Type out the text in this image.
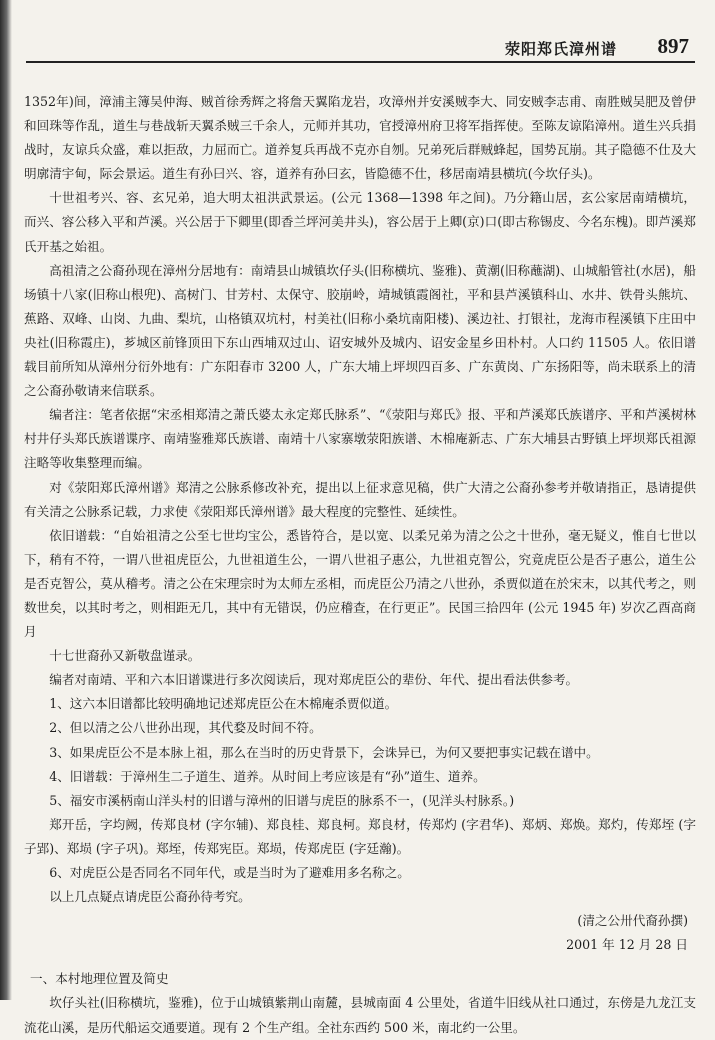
荥阳郑氏漳州谱 897

1352年)间，漳浦主簿吴仲海、贼首徐秀辉之将詹天翼陷龙岩，攻漳州并安溪贼李大、同安贼李志甫、南胜贼吴肥及曾伊和回珠等作乱，道生与巷战斩天翼杀贼三千余人，元师并其功，官授漳州府卫将军指挥使。至陈友谅陷漳州。道生兴兵捐战时，友谅兵众盛，难以拒敌，力屈而亡。道养复兵再战不克亦自刎。兄弟死后群贼蜂起，国势瓦崩。其子隐德不仕及大明廓清宇甸，际会景运。道生有孙曰兴、容，道养有孙曰玄，皆隐德不仕，移居南靖县横坑(今坎仔头)。

十世祖考兴、容、玄兄弟，追大明太祖洪武景运。(公元 1368—1398 年之间)。乃分籍山居，玄公家居南靖横坑，而兴、容公移入平和芦溪。兴公居于下卿里(即香兰坪河美井头)，容公居于上卿(京)口(即古称锡皮、今名东槐)。即芦溪郑氏开基之始祖。

高祖清之公裔孙现在漳州分居地有：南靖县山城镇坎仔头(旧称横坑、鉴雅)、黄潮(旧称蘸湖)、山城船管社(水居)，船场镇十八家(旧称山根兜)、高树门、甘芳村、太保守、胶崩岭，靖城镇霞阁社，平和县芦溪镇科山、水井、铁骨头熊坑、蕉路、双峰、山岗、九曲、梨坑，山格镇双坑村，村美社(旧称小桑坑南阳楼)、溪边社、打银社，龙海市程溪镇下庄田中央社(旧称霞庄)，芗城区前锋顶田下东山西埔双过山、诏安城外及城内、诏安金星乡田朴村。人口约 11505 人。依旧谱载目前所知从漳州分衍外地有：广东阳春市 3200 人，广东大埔上坪坝四百多、广东黄岗、广东扬阳等，尚未联系上的清之公裔孙敬请来信联系。

编者注：笔者依据“宋丞相郑清之萧氏婆太永定郑氏脉系”、“《荥阳与郑氏》报、平和芦溪郑氏族谱序、平和芦溪树林村井仔头郑氏族谱谍序、南靖鉴雅郑氏族谱、南靖十八家寨墩荥阳族谱、木棉庵新志、广东大埔县古野镇上坪坝郑氏祖源注略等收集整理而编。

对《荥阳郑氏漳州谱》郑清之公脉系修改补充，提出以上征求意见稿，供广大清之公裔孙参考并敬请指正，恳请提供有关清之公脉系记载，力求使《荥阳郑氏漳州谱》最大程度的完整性、延续性。

依旧谱载：“自始祖清之公至七世均宝公，悉皆符合，是以宽、以柔兄弟为清之公之十世孙，毫无疑义，惟自七世以下，稍有不符，一谓八世祖虎臣公，九世祖道生公，一谓八世祖子惠公，九世祖克智公，究竟虎臣公是否子惠公，道生公是否克智公，莫从稽考。清之公在宋理宗时为太师左丞相，而虎臣公乃清之八世孙，杀贾似道在於宋末，以其代考之，则数世矣，以其时考之，则相距无几，其中有无错误，仍应稽查，在行更正”。民国三拾四年 (公元 1945 年) 岁次乙酉高商月

十七世裔孙又新敬盘谨录。

编者对南靖、平和六本旧谱谍进行多次阅读后，现对郑虎臣公的辈份、年代、提出看法供参考。

1、这六本旧谱都比较明确地记述郑虎臣公在木棉庵杀贾似道。

2、但以清之公八世孙出现，其代婺及时间不符。

3、如果虎臣公不是本脉上祖，那么在当时的历史背景下，会诛异已，为何又要把事实记载在谱中。

4、旧谱载：于漳州生二子道生、道养。从时间上考应该是有“孙”道生、道养。

5、福安市溪柄南山洋头村的旧谱与漳州的旧谱与虎臣的脉系不一，(见洋头村脉系。)

郑开岳，字均阙，传郑良材 (字尔辅)、郑良桂、郑良柯。郑良材，传郑灼 (字君华)、郑炳、郑焕。郑灼，传郑垤 (字子郢)、郑埙 (字子巩)。郑垤，传郑宪臣。郑埙，传郑虎臣 (字廷瀚)。

6、对虎臣公是否同名不同年代，或是当时为了避难用多名称之。

以上几点疑点请虎臣公裔孙待考究。

(清之公卅代裔孙撰)

2001 年 12 月 28 日

一、本村地理位置及简史

坎仔头社(旧称横坑，鉴雅)，位于山城镇紫荆山南麓，县城南面 4 公里处，省道牛旧线从社口通过，东傍是九龙江支流花山溪，是历代船运交通要道。现有 2 个生产组。全社东西约 500 米，南北约一公里。
